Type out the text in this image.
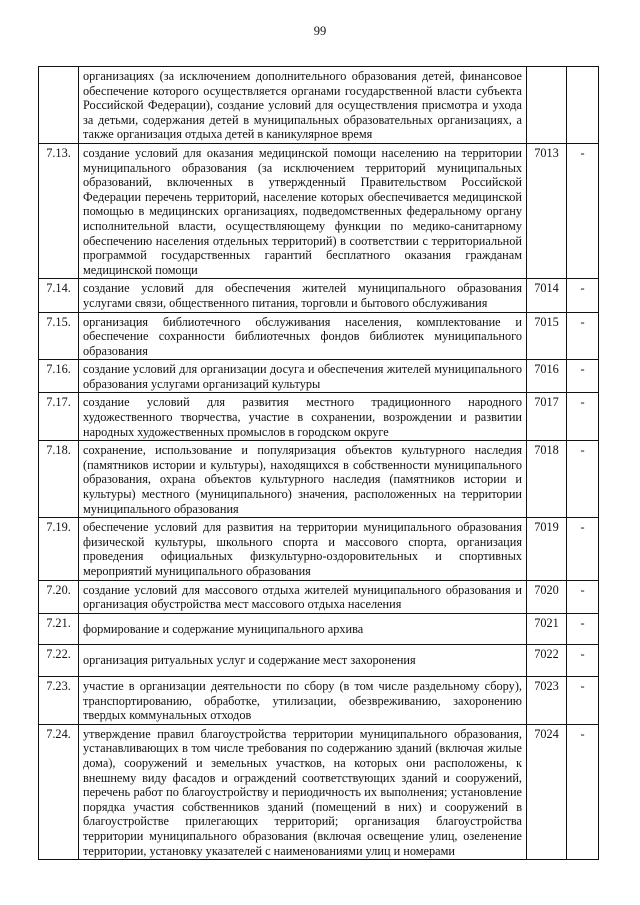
99
	организациях (за исключением дополнительного образования детей, финансовое обеспечение которого осуществляется органами государственной власти субъекта Российской Федерации), создание условий для осуществления присмотра и ухода за детьми, содержания детей в муниципальных образовательных организациях, а также организация отдыха детей в каникулярное время		
7.13.	создание условий для оказания медицинской помощи населению на территории муниципального образования (за исключением территорий муниципальных образований, включенных в утвержденный Правительством Российской Федерации перечень территорий, население которых обеспечивается медицинской помощью в медицинских организациях, подведомственных федеральному органу исполнительной власти, осуществляющему функции по медико-санитарному обеспечению населения отдельных территорий) в соответствии с территориальной программой государственных гарантий бесплатного оказания гражданам медицинской помощи	7013	-
7.14.	создание условий для обеспечения жителей муниципального образования услугами связи, общественного питания, торговли и бытового обслуживания	7014	-
7.15.	организация библиотечного обслуживания населения, комплектование и обеспечение сохранности библиотечных фондов библиотек муниципального образования	7015	-
7.16.	создание условий для организации досуга и обеспечения жителей муниципального образования услугами организаций культуры	7016	-
7.17.	создание условий для развития местного традиционного народного художественного творчества, участие в сохранении, возрождении и развитии народных художественных промыслов в городском округе	7017	-
7.18.	сохранение, использование и популяризация объектов культурного наследия (памятников истории и культуры), находящихся в собственности муниципального образования, охрана объектов культурного наследия (памятников истории и культуры) местного (муниципального) значения, расположенных на территории муниципального образования	7018	-
7.19.	обеспечение условий для развития на территории муниципального образования физической культуры, школьного спорта и массового спорта, организация проведения официальных физкультурно-оздоровительных и спортивных мероприятий муниципального образования	7019	-
7.20.	создание условий для массового отдыха жителей муниципального образования и организация обустройства мест массового отдыха населения	7020	-
7.21.	формирование и содержание муниципального архива	7021	-
7.22.	организация ритуальных услуг и содержание мест захоронения	7022	-
7.23.	участие в организации деятельности по сбору (в том числе раздельному сбору), транспортированию, обработке, утилизации, обезвреживанию, захоронению твердых коммунальных отходов	7023	-
7.24.	утверждение правил благоустройства территории муниципального образования, устанавливающих в том числе требования по содержанию зданий (включая жилые дома), сооружений и земельных участков, на которых они расположены, к внешнему виду фасадов и ограждений соответствующих зданий и сооружений, перечень работ по благоустройству и периодичность их выполнения; установление порядка участия собственников зданий (помещений в них) и сооружений в благоустройстве прилегающих территорий; организация благоустройства территории муниципального образования (включая освещение улиц, озеленение территории, установку указателей с наименованиями улиц и номерами	7024	-
